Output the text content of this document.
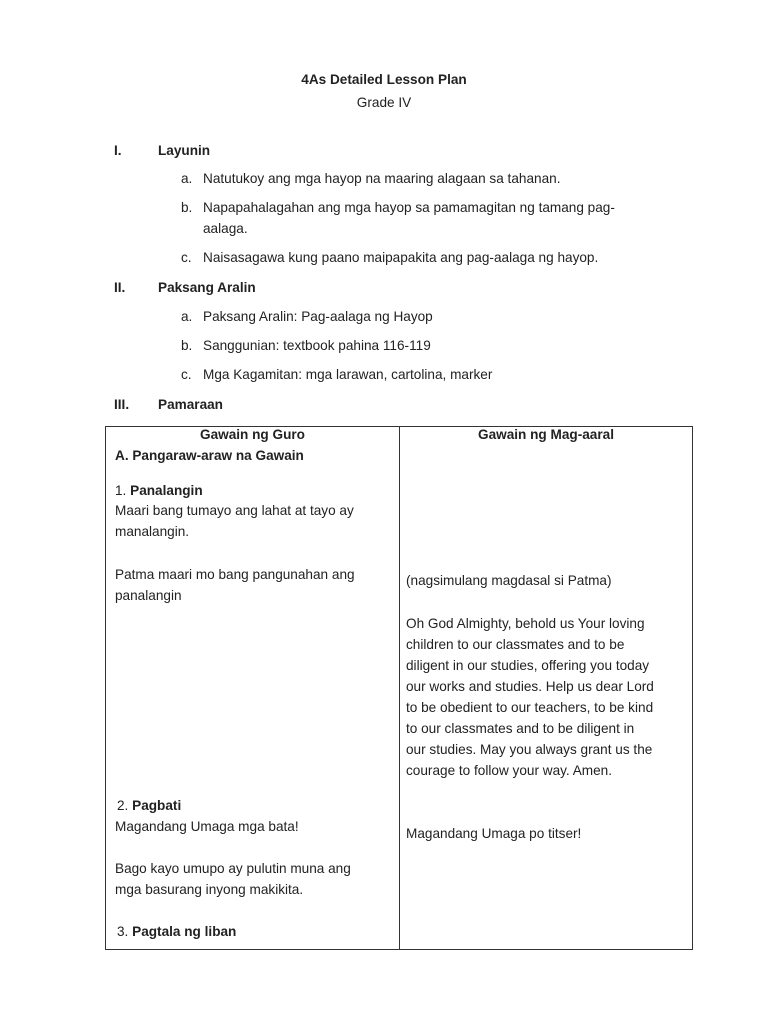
4As Detailed Lesson Plan
Grade IV
I.	Layunin
a. Natutukoy ang mga hayop na maaring alagaan sa tahanan.
b. Napapahalagahan ang mga hayop sa pamamagitan ng tamang pag-
aalaga.
c. Naisasagawa kung paano maipapakita ang pag-aalaga ng hayop.
II. Paksang Aralin
a. Paksang Aralin: Pag-aalaga ng Hayop
b. Sanggunian: textbook pahina 116-119
c. Mga Kagamitan: mga larawan, cartolina, marker
III. Pamaraan
Gawain ng Guro
A. Pangaraw-araw na Gawain
1. Panalangin
Maari bang tumayo ang lahat at tayo ay
manalangin.
Patma maari mo bang pangunahan ang
panalangin
2. Pagbati
Magandang Umaga mga bata!
Bago kayo umupo ay pulutin muna ang
mga basurang inyong makikita.
3. Pagtala ng liban
Gawain ng Mag-aaral
(nagsimulang magdasal si Patma)
Oh God Almighty, behold us Your loving
children to our classmates and to be
diligent in our studies, offering you today
our works and studies. Help us dear Lord
to be obedient to our teachers, to be kind
to our classmates and to be diligent in
our studies. May you always grant us the
courage to follow your way. Amen.
Magandang Umaga po titser!
